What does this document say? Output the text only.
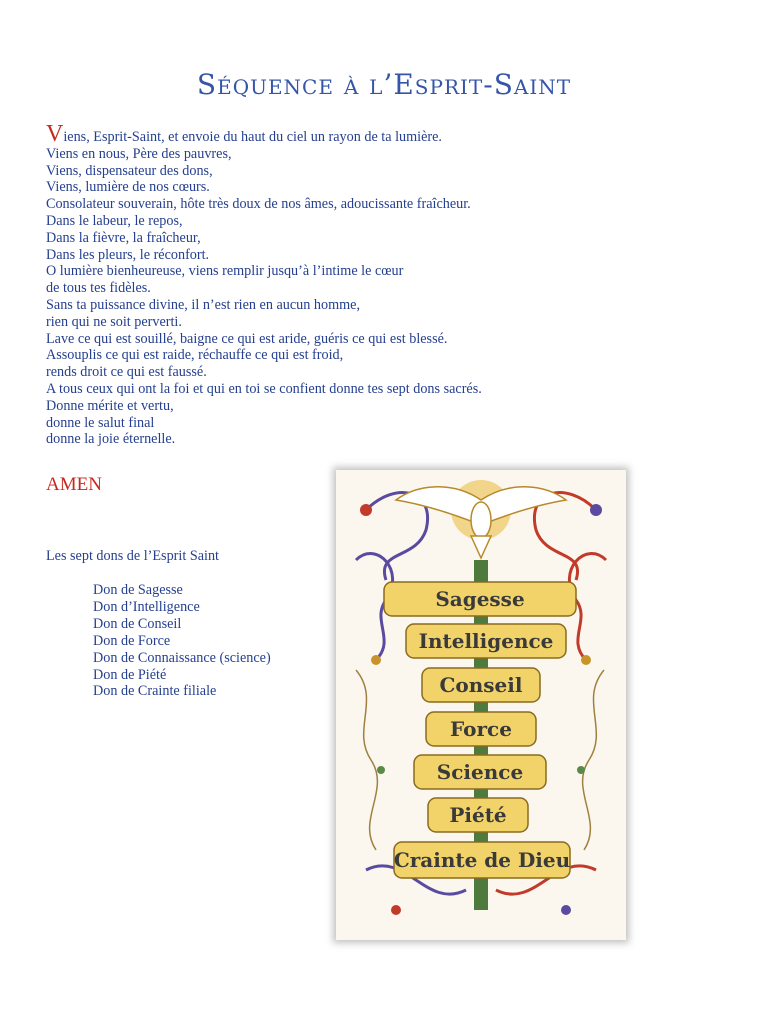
Séquence à l’Esprit-Saint
Viens, Esprit-Saint, et envoie du haut du ciel un rayon de ta lumière.
Viens en nous, Père des pauvres,
Viens, dispensateur des dons,
Viens, lumière de nos cœurs.
Consolateur souverain, hôte très doux de nos âmes, adoucissante fraîcheur.
Dans le labeur, le repos,
Dans la fièvre, la fraîcheur,
Dans les pleurs, le réconfort.
O lumière bienheureuse, viens remplir jusqu’à l’intime le cœur
de tous tes fidèles.
Sans ta puissance divine, il n’est rien en aucun homme,
rien qui ne soit perverti.
Lave ce qui est souillé, baigne ce qui est aride, guéris ce qui est blessé.
Assouplis ce qui est raide, réchauffe ce qui est froid,
rends droit ce qui est faussé.
A tous ceux qui ont la foi et qui en toi se confient donne tes sept dons sacrés.
Donne mérite et vertu,
donne le salut final
donne la joie éternelle.
AMEN
Les sept dons de l’Esprit Saint
Don de Sagesse
Don d’Intelligence
Don de Conseil
Don de Force
Don de Connaissance (science)
Don de Piété
Don de Crainte filiale
Sagesse
Intelligence
Conseil
Force
Science
Piété
Crainte de Dieu
